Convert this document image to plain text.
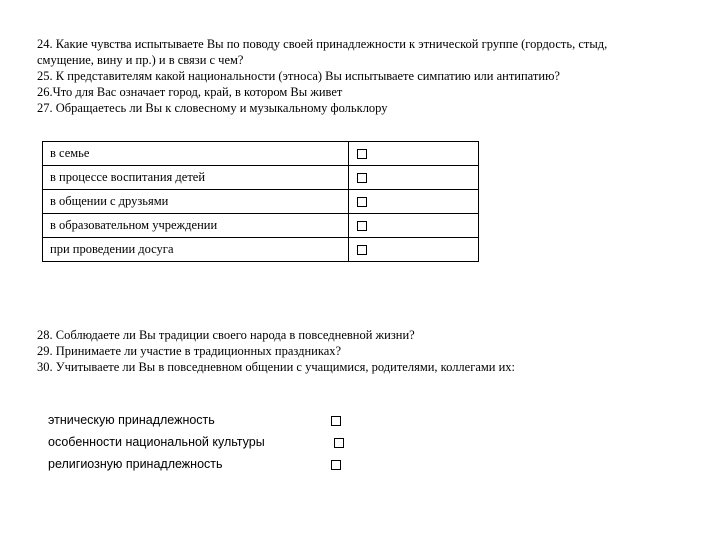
24. Какие чувства испытываете Вы по поводу своей принадлежности к этнической группе (гордость, стыд,
смущение, вину и пр.) и в связи с чем?
25. К представителям какой национальности (этноса) Вы испытываете симпатию или антипатию?
26.Что для Вас означает город, край, в котором Вы живет
27. Обращаетесь ли Вы к словесному и музыкальному фольклору
в семье	
в процессе воспитания детей	
в общении с друзьями	
в образовательном учреждении	
при проведении досуга	
28. Соблюдаете ли Вы традиции своего народа в повседневной жизни?
29. Принимаете ли участие в традиционных праздниках?
30. Учитываете ли Вы в повседневном общении с учащимися, родителями, коллегами их:
этническую принадлежность
особенности национальной культуры
религиозную принадлежность
